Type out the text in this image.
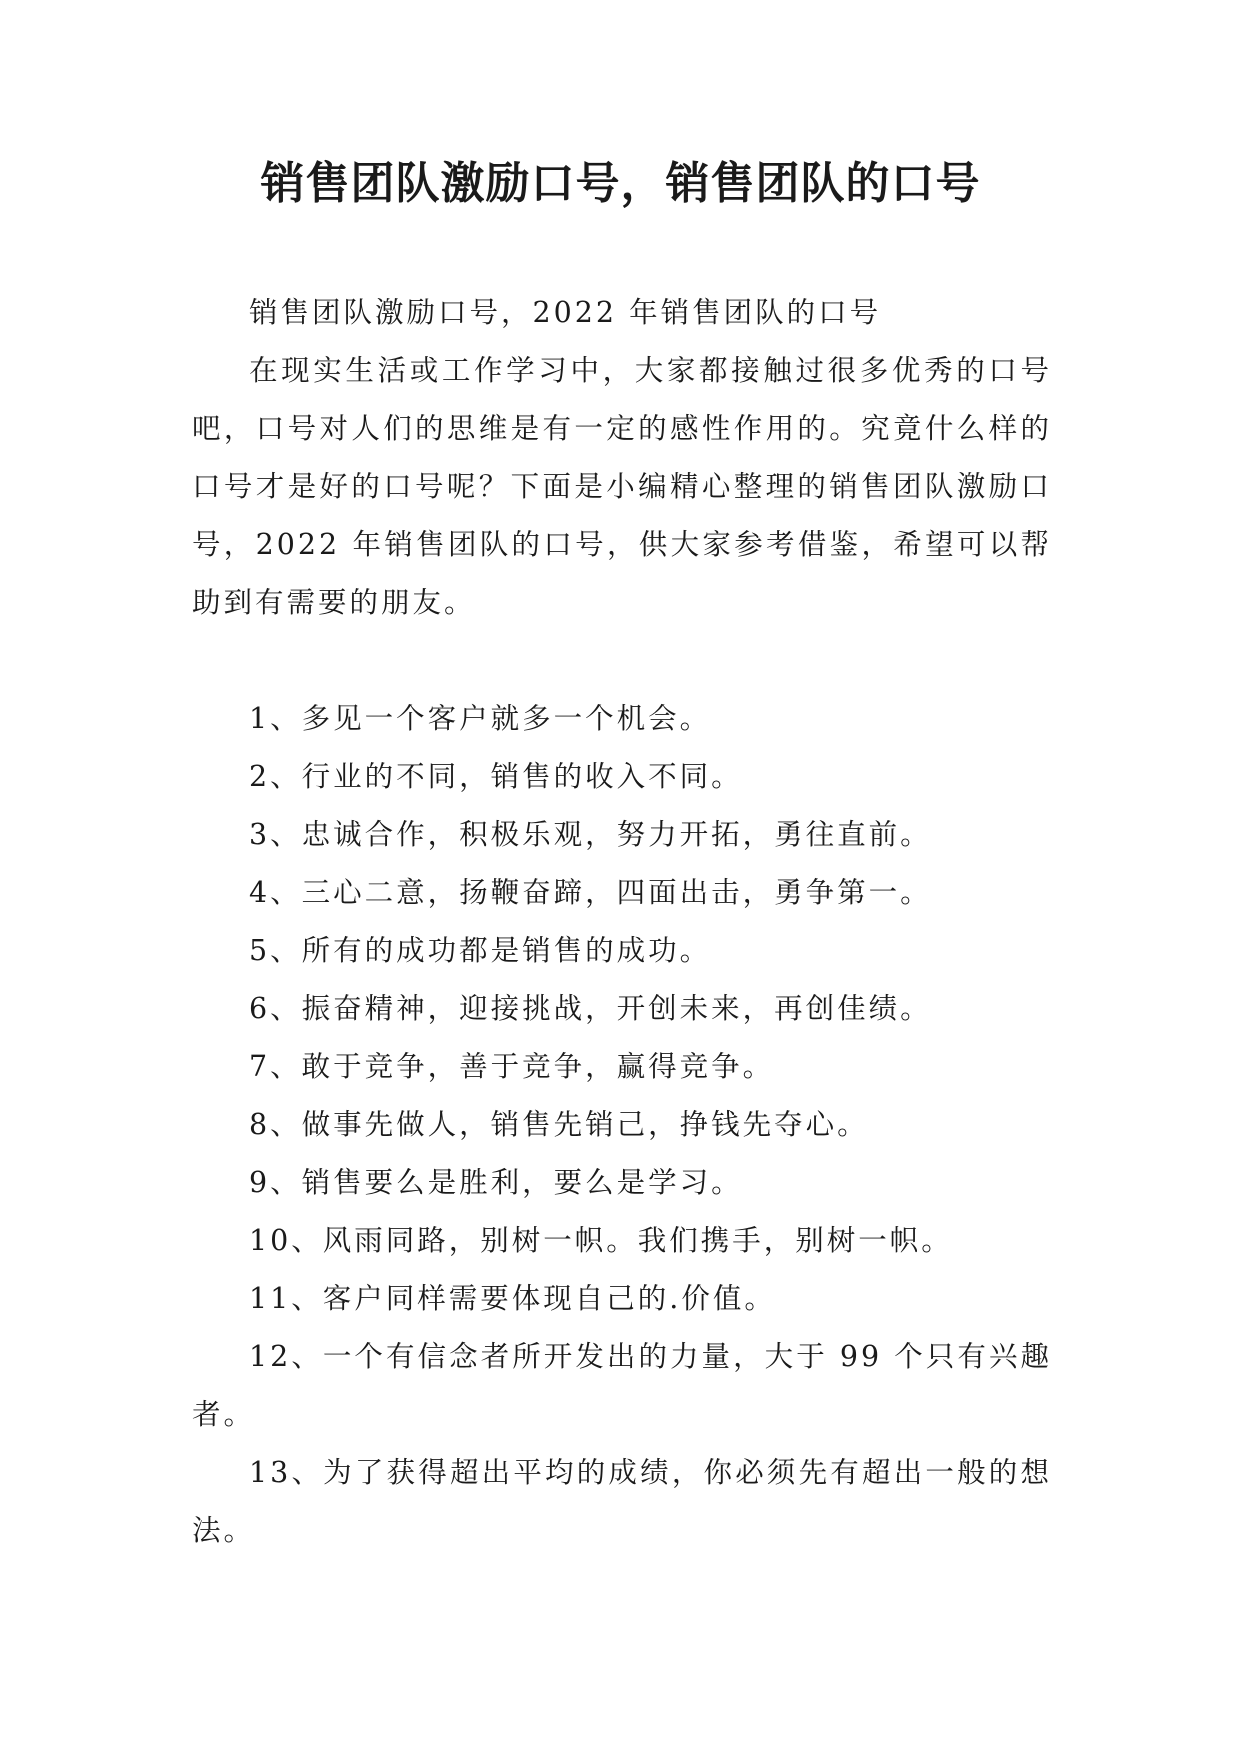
销售团队激励口号，销售团队的口号

销售团队激励口号，2022 年销售团队的口号

在现实生活或工作学习中，大家都接触过很多优秀的口号吧，口号对人们的思维是有一定的感性作用的。究竟什么样的口号才是好的口号呢？下面是小编精心整理的销售团队激励口号，2022 年销售团队的口号，供大家参考借鉴，希望可以帮助到有需要的朋友。

1、多见一个客户就多一个机会。

2、行业的不同，销售的收入不同。

3、忠诚合作，积极乐观，努力开拓，勇往直前。

4、三心二意，扬鞭奋蹄，四面出击，勇争第一。

5、所有的成功都是销售的成功。

6、振奋精神，迎接挑战，开创未来，再创佳绩。

7、敢于竞争，善于竞争，赢得竞争。

8、做事先做人，销售先销己，挣钱先夺心。

9、销售要么是胜利，要么是学习。

10、风雨同路，别树一帜。我们携手，别树一帜。

11、客户同样需要体现自己的.价值。

12、一个有信念者所开发出的力量，大于 99 个只有兴趣者。

13、为了获得超出平均的成绩，你必须先有超出一般的想法。
